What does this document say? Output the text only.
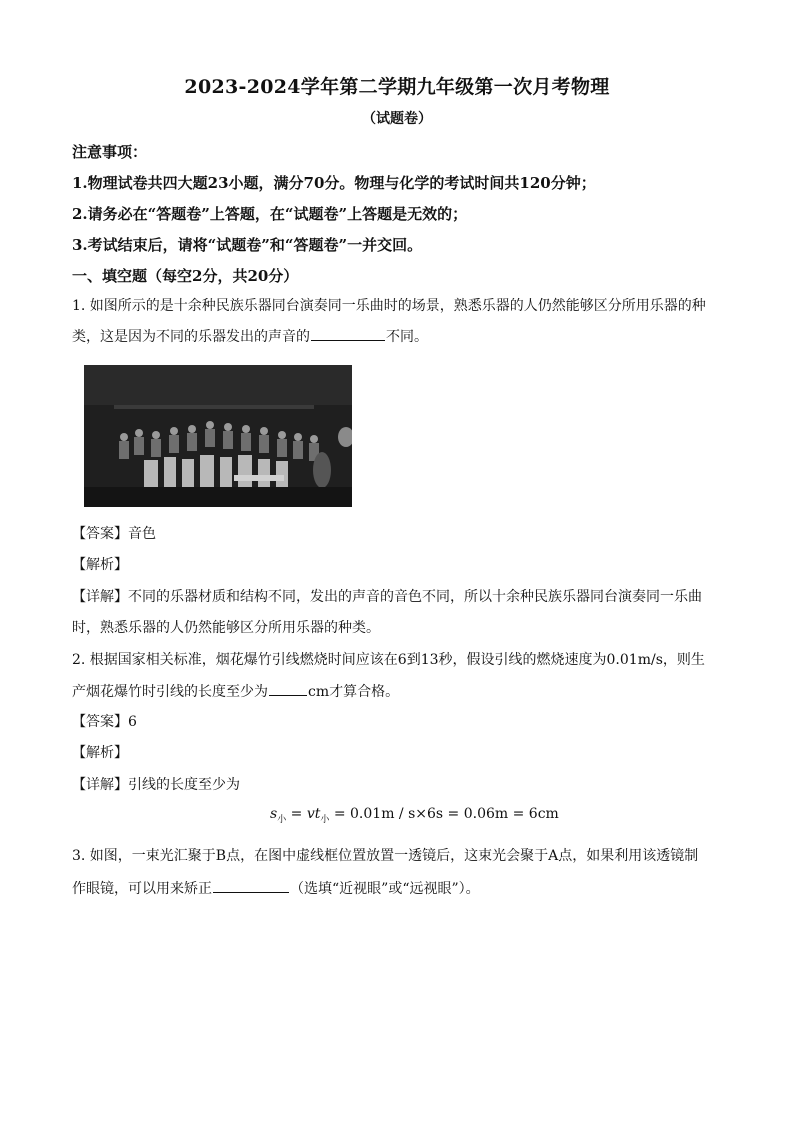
2023-2024学年第二学期九年级第一次月考物理
（试题卷）
注意事项：
1.物理试卷共四大题23小题，满分70分。物理与化学的考试时间共120分钟；
2.请务必在“答题卷”上答题，在“试题卷”上答题是无效的；
3.考试结束后，请将“试题卷”和“答题卷”一并交回。
一、填空题（每空2分，共20分）
1. 如图所示的是十余种民族乐器同台演奏同一乐曲时的场景，熟悉乐器的人仍然能够区分所用乐器的种
类，这是因为不同的乐器发出的声音的	不同。
【答案】音色
【解析】
【详解】不同的乐器材质和结构不同，发出的声音的音色不同，所以十余种民族乐器同台演奏同一乐曲
时，熟悉乐器的人仍然能够区分所用乐器的种类。
2. 根据国家相关标准，烟花爆竹引线燃烧时间应该在6到13秒，假设引线的燃烧速度为0.01m/s，则生
产烟花爆竹时引线的长度至少为	cm才算合格。
【答案】6
【解析】
【详解】引线的长度至少为
$s_小 = vt_小 = 0.01m / s\times 6s = 0.06m = 6cm$
3. 如图，一束光汇聚于B点，在图中虚线框位置放置一透镜后，这束光会聚于A点，如果利用该透镜制
作眼镜，可以用来矫正	（选填“近视眼”或“远视眼”）。
